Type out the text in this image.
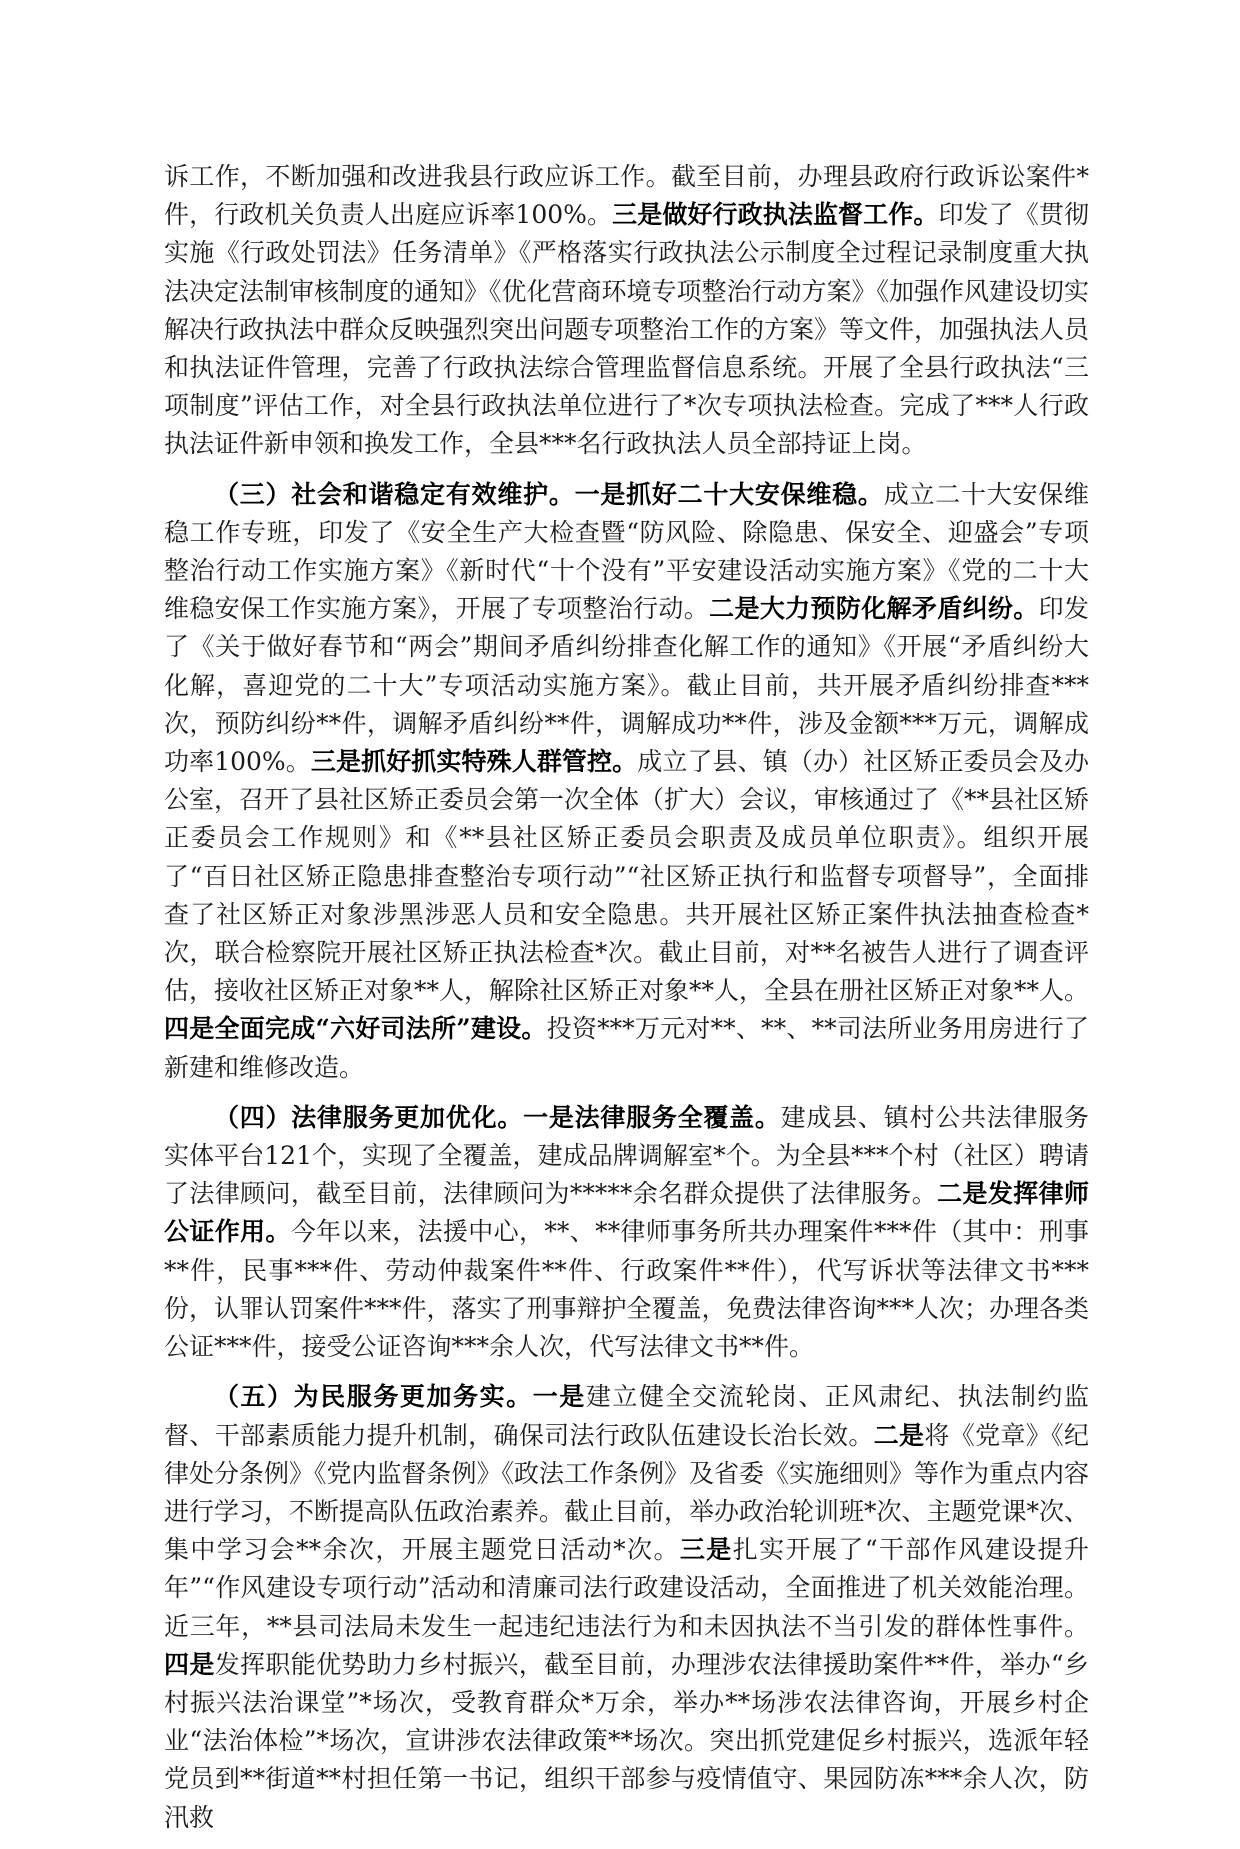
诉工作，不断加强和改进我县行政应诉工作。截至目前，办理县政府行政诉讼案件*件，行政机关负责人出庭应诉率100%。三是做好行政执法监督工作。印发了《贯彻实施《行政处罚法》任务清单》《严格落实行政执法公示制度全过程记录制度重大执法决定法制审核制度的通知》《优化营商环境专项整治行动方案》《加强作风建设切实解决行政执法中群众反映强烈突出问题专项整治工作的方案》等文件，加强执法人员和执法证件管理，完善了行政执法综合管理监督信息系统。开展了全县行政执法“三项制度”评估工作，对全县行政执法单位进行了*次专项执法检查。完成了***人行政执法证件新申领和换发工作，全县***名行政执法人员全部持证上岗。

（三）社会和谐稳定有效维护。一是抓好二十大安保维稳。成立二十大安保维稳工作专班，印发了《安全生产大检查暨“防风险、除隐患、保安全、迎盛会”专项整治行动工作实施方案》《新时代“十个没有”平安建设活动实施方案》《党的二十大维稳安保工作实施方案》，开展了专项整治行动。二是大力预防化解矛盾纠纷。印发了《关于做好春节和“两会”期间矛盾纠纷排查化解工作的通知》《开展“矛盾纠纷大化解，喜迎党的二十大”专项活动实施方案》。截止目前，共开展矛盾纠纷排查***次，预防纠纷**件，调解矛盾纠纷**件，调解成功**件，涉及金额***万元，调解成功率100%。三是抓好抓实特殊人群管控。成立了县、镇（办）社区矫正委员会及办公室，召开了县社区矫正委员会第一次全体（扩大）会议，审核通过了《**县社区矫正委员会工作规则》和《**县社区矫正委员会职责及成员单位职责》。组织开展了“百日社区矫正隐患排查整治专项行动”“社区矫正执行和监督专项督导”，全面排查了社区矫正对象涉黑涉恶人员和安全隐患。共开展社区矫正案件执法抽查检查*次，联合检察院开展社区矫正执法检查*次。截止目前，对**名被告人进行了调查评估，接收社区矫正对象**人，解除社区矫正对象**人，全县在册社区矫正对象**人。四是全面完成“六好司法所”建设。投资***万元对**、**、**司法所业务用房进行了新建和维修改造。

（四）法律服务更加优化。一是法律服务全覆盖。建成县、镇村公共法律服务实体平台121个，实现了全覆盖，建成品牌调解室*个。为全县***个村（社区）聘请了法律顾问，截至目前，法律顾问为*****余名群众提供了法律服务。二是发挥律师公证作用。今年以来，法援中心，**、**律师事务所共办理案件***件（其中：刑事**件，民事***件、劳动仲裁案件**件、行政案件**件），代写诉状等法律文书***份，认罪认罚案件***件，落实了刑事辩护全覆盖，免费法律咨询***人次；办理各类公证***件，接受公证咨询***余人次，代写法律文书**件。

（五）为民服务更加务实。一是建立健全交流轮岗、正风肃纪、执法制约监督、干部素质能力提升机制，确保司法行政队伍建设长治长效。二是将《党章》《纪律处分条例》《党内监督条例》《政法工作条例》及省委《实施细则》等作为重点内容进行学习，不断提高队伍政治素养。截止目前，举办政治轮训班*次、主题党课*次、集中学习会**余次，开展主题党日活动*次。三是扎实开展了“干部作风建设提升年”“作风建设专项行动”活动和清廉司法行政建设活动，全面推进了机关效能治理。近三年，**县司法局未发生一起违纪违法行为和未因执法不当引发的群体性事件。四是发挥职能优势助力乡村振兴，截至目前，办理涉农法律援助案件**件，举办“乡村振兴法治课堂”*场次，受教育群众*万余，举办**场涉农法律咨询，开展乡村企业“法治体检”*场次，宣讲涉农法律政策**场次。突出抓党建促乡村振兴，选派年轻党员到**街道**村担任第一书记，组织干部参与疫情值守、果园防冻***余人次，防汛救
